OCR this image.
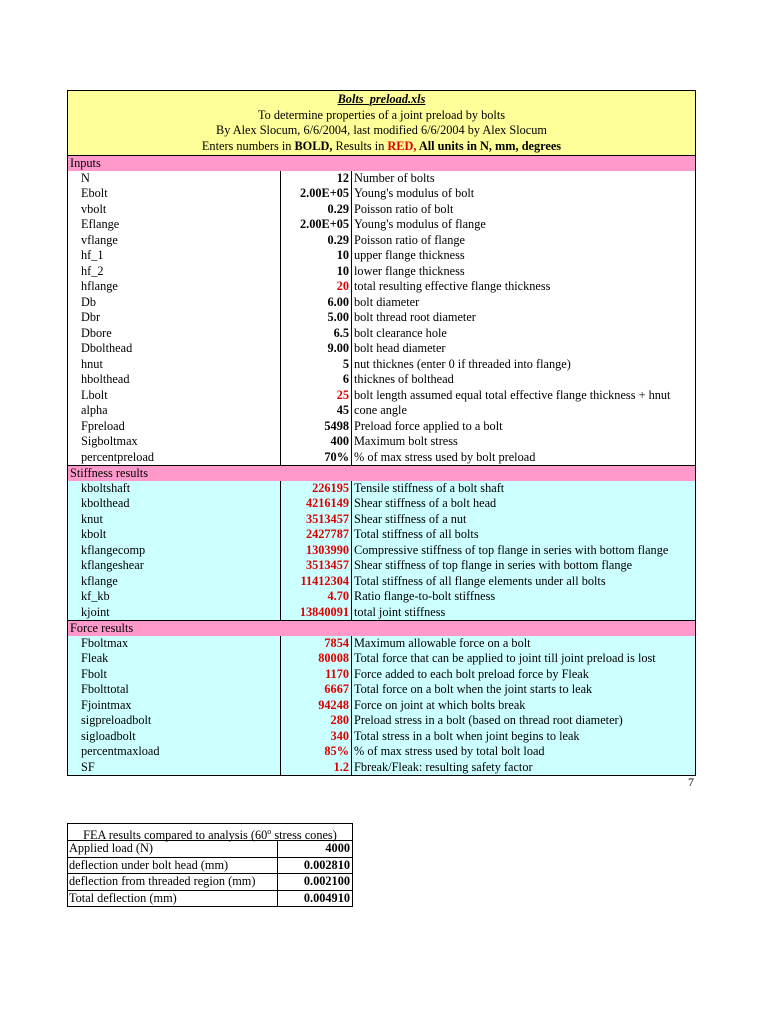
Bolts_preload.xls
To determine properties of a joint preload by bolts
By Alex Slocum, 6/6/2004, last modified 6/6/2004 by Alex Slocum
Enters numbers in BOLD, Results in RED, All units in N, mm, degrees
Inputs
N	12 Number of bolts
Ebolt	2.00E+05 Young's modulus of bolt
vbolt	0.29 Poisson ratio of bolt
Eflange	2.00E+05 Young's modulus of flange
vflange	0.29 Poisson ratio of flange
hf_1	10 upper flange thickness
hf_2	10 lower flange thickness
hflange	20 total resulting effective flange thickness
Db	6.00 bolt diameter
Dbr	5.00 bolt thread root diameter
Dbore	6.5 bolt clearance hole
Dbolthead	9.00 bolt head diameter
hnut	5 nut thicknes (enter 0 if threaded into flange)
hbolthead	6 thicknes of bolthead
Lbolt	25 bolt length assumed equal total effective flange thickness + hnut
alpha	45 cone angle
Fpreload	5498 Preload force applied to a bolt
Sigboltmax	400 Maximum bolt stress
percentpreload	70% % of max stress used by bolt preload
Stiffness results
kboltshaft	226195 Tensile stiffness of a bolt shaft
kbolthead	4216149 Shear stiffness of a bolt head
knut	3513457 Shear stiffness of a nut
kbolt	2427787 Total stiffness of all bolts
kflangecomp	1303990 Compressive stiffness of top flange in series with bottom flange
kflangeshear	3513457 Shear stiffness of top flange in series with bottom flange
kflange	11412304 Total stiffness of all flange elements under all bolts
kf_kb	4.70 Ratio flange-to-bolt stiffness
kjoint	13840091 total joint stiffness
Force results
Fboltmax	7854 Maximum allowable force on a bolt
Fleak	80008 Total force that can be applied to joint till joint preload is lost
Fbolt	1170 Force added to each bolt preload force by Fleak
Fbolttotal	6667 Total force on a bolt when the joint starts to leak
Fjointmax	94248 Force on joint at which bolts break
sigpreloadbolt	280 Preload stress in a bolt (based on thread root diameter)
sigloadbolt	340 Total stress in a bolt when joint begins to leak
percentmaxload	85% % of max stress used by total bolt load
SF	1.2 Fbreak/Fleak: resulting safety factor
7
FEA results compared to analysis (60$^o$ stress cones)
Applied load (N)	4000
deflection under bolt head (mm)	0.002810
deflection from threaded region (mm)	0.002100
Total deflection (mm)	0.004910
